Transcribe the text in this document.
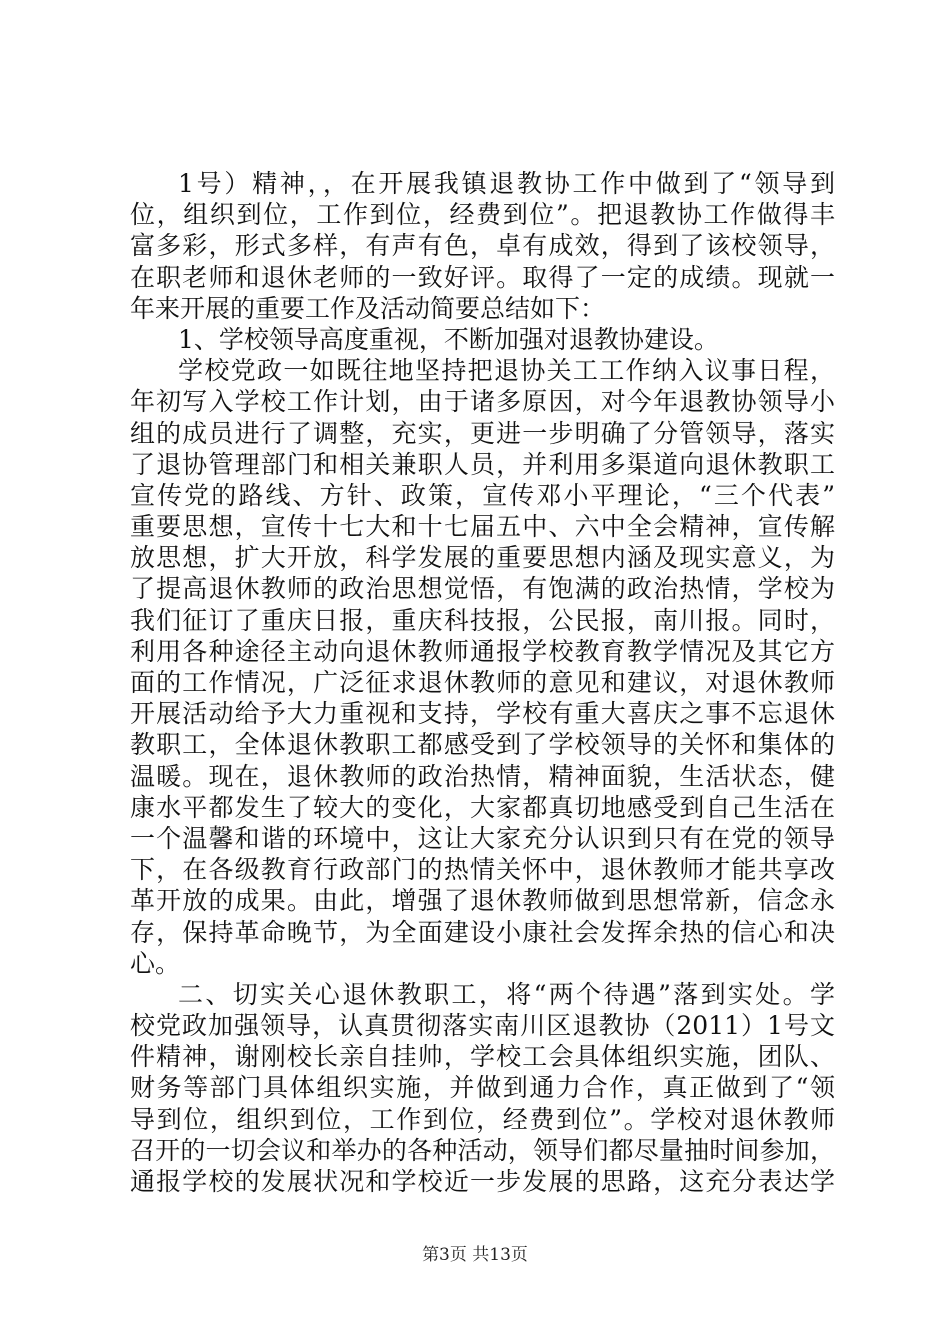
1号）精神，，在开展我镇退教协工作中做到了“领导到
位，组织到位，工作到位，经费到位”。把退教协工作做得丰
富多彩，形式多样，有声有色，卓有成效，得到了该校领导，
在职老师和退休老师的一致好评。取得了一定的成绩。现就一
年来开展的重要工作及活动简要总结如下：
1、学校领导高度重视，不断加强对退教协建设。
学校党政一如既往地坚持把退协关工工作纳入议事日程，
年初写入学校工作计划，由于诸多原因，对今年退教协领导小
组的成员进行了调整，充实，更进一步明确了分管领导，落实
了退协管理部门和相关兼职人员，并利用多渠道向退休教职工
宣传党的路线、方针、政策，宣传邓小平理论，“三个代表”
重要思想，宣传十七大和十七届五中、六中全会精神，宣传解
放思想，扩大开放，科学发展的重要思想内涵及现实意义，为
了提高退休教师的政治思想觉悟，有饱满的政治热情，学校为
我们征订了重庆日报，重庆科技报，公民报，南川报。同时，
利用各种途径主动向退休教师通报学校教育教学情况及其它方
面的工作情况，广泛征求退休教师的意见和建议，对退休教师
开展活动给予大力重视和支持，学校有重大喜庆之事不忘退休
教职工，全体退休教职工都感受到了学校领导的关怀和集体的
温暖。现在，退休教师的政治热情，精神面貌，生活状态，健
康水平都发生了较大的变化，大家都真切地感受到自己生活在
一个温馨和谐的环境中，这让大家充分认识到只有在党的领导
下，在各级教育行政部门的热情关怀中，退休教师才能共享改
革开放的成果。由此，增强了退休教师做到思想常新，信念永
存，保持革命晚节，为全面建设小康社会发挥余热的信心和决
心。
二、切实关心退休教职工，将“两个待遇”落到实处。学
校党政加强领导，认真贯彻落实南川区退教协（2011）1号文
件精神，谢刚校长亲自挂帅，学校工会具体组织实施，团队、
财务等部门具体组织实施，并做到通力合作，真正做到了“领
导到位，组织到位，工作到位，经费到位”。学校对退休教师
召开的一切会议和举办的各种活动，领导们都尽量抽时间参加，
通报学校的发展状况和学校近一步发展的思路，这充分表达学
第3页 共13页
